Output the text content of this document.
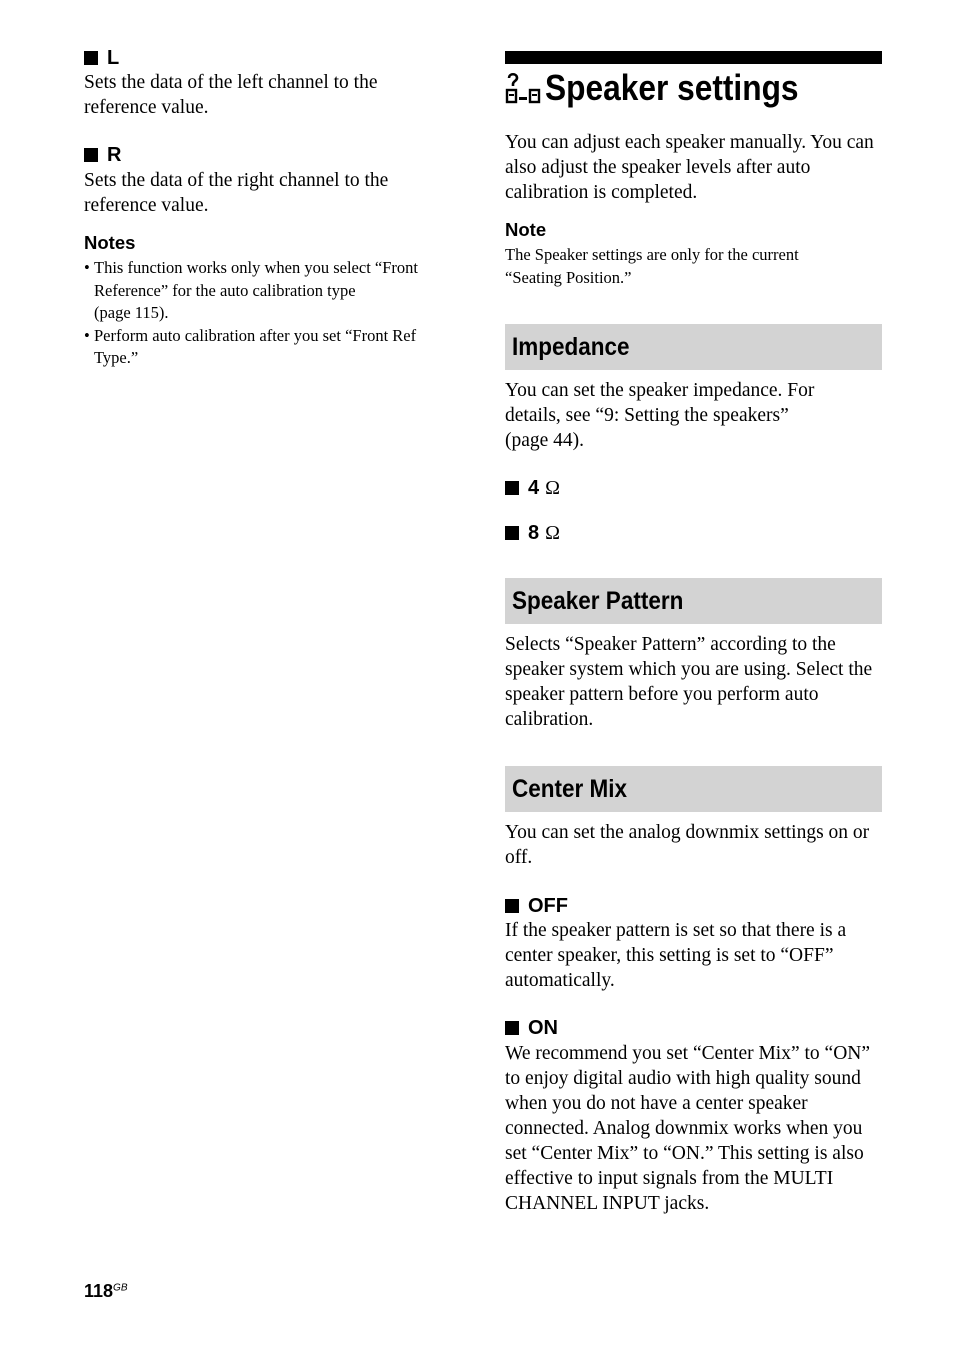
L
Sets the data of the left channel to the reference value.
R
Sets the data of the right channel to the reference value.
Notes
• This function works only when you select “Front Reference” for the auto calibration type
(page 115).
• Perform auto calibration after you set “Front Ref Type.”
Speaker settings
You can adjust each speaker manually. You can also adjust the speaker levels after auto calibration is completed.
Note
The Speaker settings are only for the current “Seating Position.”
Impedance
You can set the speaker impedance. For details, see “9: Setting the speakers”
(page 44).
4 Ω
8 Ω
Speaker Pattern
Selects “Speaker Pattern” according to the speaker system which you are using. Select the speaker pattern before you perform auto calibration.
Center Mix
You can set the analog downmix settings on or off.
OFF
If the speaker pattern is set so that there is a center speaker, this setting is set to “OFF” automatically.
ON
We recommend you set “Center Mix” to “ON” to enjoy digital audio with high quality sound when you do not have a center speaker connected. Analog downmix works when you set “Center Mix” to “ON.” This setting is also effective to input signals from the MULTI CHANNEL INPUT jacks.
$118^{GB}$
